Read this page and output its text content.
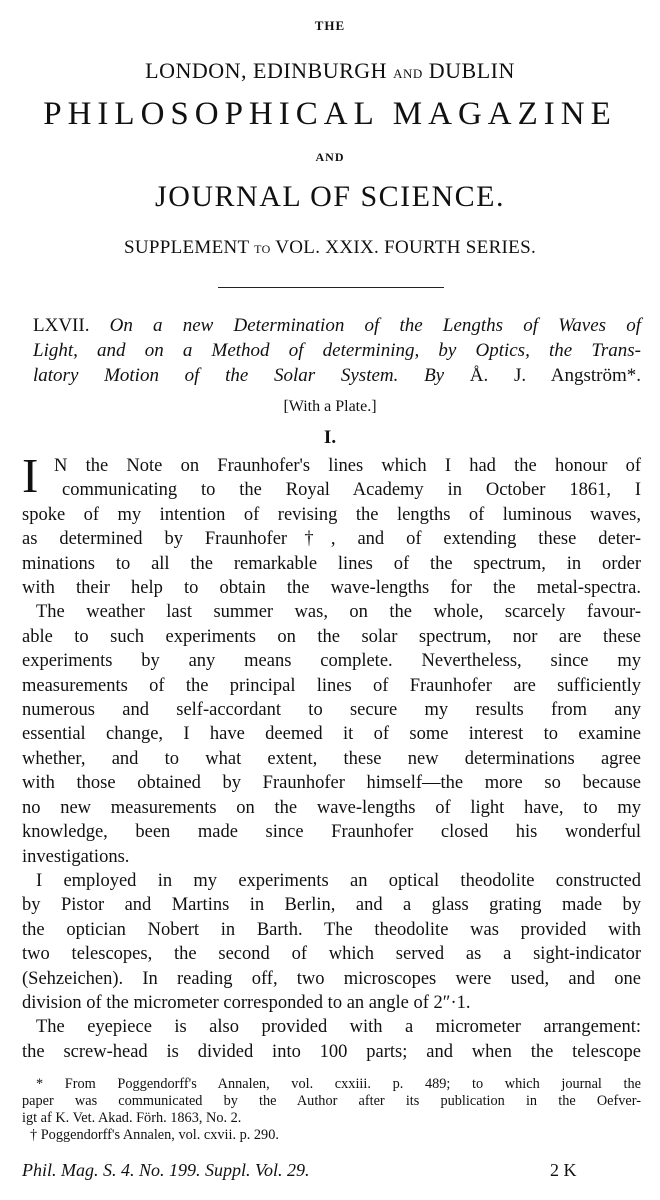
THE
LONDON, EDINBURGH AND DUBLIN
PHILOSOPHICAL MAGAZINE
AND
JOURNAL OF SCIENCE.
SUPPLEMENT TO VOL. XXIX. FOURTH SERIES.
LXVII. On a new Determination of the Lengths of Waves of
Light, and on a Method of determining, by Optics, the Trans-
latory Motion of the Solar System. By Å. J. Angström*.
[With a Plate.]
I.
I N the Note on Fraunhofer's lines which I had the honour of
communicating to the Royal Academy in October 1861, I
spoke of my intention of revising the lengths of luminous waves,
as determined by Fraunhofer†, and of extending these deter-
minations to all the remarkable lines of the spectrum, in order
with their help to obtain the wave-lengths for the metal-spectra.
The weather last summer was, on the whole, scarcely favour-
able to such experiments on the solar spectrum, nor are these
experiments by any means complete. Nevertheless, since my
measurements of the principal lines of Fraunhofer are sufficiently
numerous and self-accordant to secure my results from any
essential change, I have deemed it of some interest to examine
whether, and to what extent, these new determinations agree
with those obtained by Fraunhofer himself—the more so because
no new measurements on the wave-lengths of light have, to my
knowledge, been made since Fraunhofer closed his wonderful
investigations.
I employed in my experiments an optical theodolite constructed
by Pistor and Martins in Berlin, and a glass grating made by
the optician Nobert in Barth. The theodolite was provided with
two telescopes, the second of which served as a sight-indicator
(Sehzeichen). In reading off, two microscopes were used, and one
division of the micrometer corresponded to an angle of 2″·1.
The eyepiece is also provided with a micrometer arrangement:
the screw-head is divided into 100 parts; and when the telescope
* From Poggendorff's Annalen, vol. cxxiii. p. 489; to which journal the
paper was communicated by the Author after its publication in the Oefver-
igt af K. Vet. Akad. Förh. 1863, No. 2.
† Poggendorff's Annalen, vol. cxvii. p. 290.
Phil. Mag. S. 4. No. 199. Suppl. Vol. 29.	2 K
